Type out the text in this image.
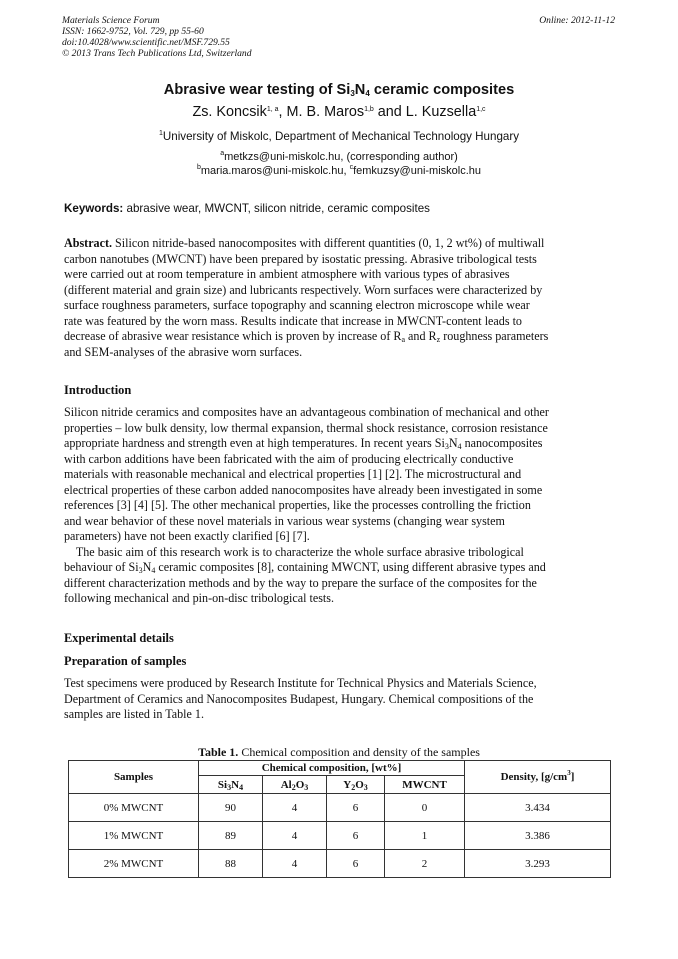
Materials Science Forum
ISSN: 1662-9752, Vol. 729, pp 55-60
doi:10.4028/www.scientific.net/MSF.729.55
© 2013 Trans Tech Publications Ltd, Switzerland
Online: 2012-11-12
Abrasive wear testing of $Si_3N_4$ ceramic composites
Zs. Koncsik$^{1, a}$, M. B. Maros$^{1,b}$ and L. Kuzsella$^{1,c}$
$^1$University of Miskolc, Department of Mechanical Technology Hungary
$^a$metkzs@uni-miskolc.hu, (corresponding author)
$^b$maria.maros@uni-miskolc.hu, $^c$femkuzsy@uni-miskolc.hu
Keywords: abrasive wear, MWCNT, silicon nitride, ceramic composites
Abstract. Silicon nitride-based nanocomposites with different quantities (0, 1, 2 wt%) of multiwall
carbon nanotubes (MWCNT) have been prepared by isostatic pressing. Abrasive tribological tests
were carried out at room temperature in ambient atmosphere with various types of abrasives
(different material and grain size) and lubricants respectively. Worn surfaces were characterized by
surface roughness parameters, surface topography and scanning electron microscope while wear
rate was featured by the worn mass. Results indicate that increase in MWCNT-content leads to
decrease of abrasive wear resistance which is proven by increase of $R_a$ and $R_z$ roughness parameters
and SEM-analyses of the abrasive worn surfaces.
Introduction
Silicon nitride ceramics and composites have an advantageous combination of mechanical and other
properties – low bulk density, low thermal expansion, thermal shock resistance, corrosion resistance
appropriate hardness and strength even at high temperatures. In recent years $Si_3N_4$ nanocomposites
with carbon additions have been fabricated with the aim of producing electrically conductive
materials with reasonable mechanical and electrical properties [1] [2]. The microstructural and
electrical properties of these carbon added nanocomposites have already been investigated in some
references [3] [4] [5]. The other mechanical properties, like the processes controlling the friction
and wear behavior of these novel materials in various wear systems (changing wear system
parameters) have not been exactly clarified [6] [7].
The basic aim of this research work is to characterize the whole surface abrasive tribological
behaviour of $Si_3N_4$ ceramic composites [8], containing MWCNT, using different abrasive types and
different characterization methods and by the way to prepare the surface of the composites for the
following mechanical and pin-on-disc tribological tests.
Experimental details
Preparation of samples
Test specimens were produced by Research Institute for Technical Physics and Materials Science,
Department of Ceramics and Nanocomposites Budapest, Hungary. Chemical compositions of the
samples are listed in Table 1.
Table 1. Chemical composition and density of the samples
Samples	Chemical composition, [wt%]				Density, $[g/cm^3]$
	$Si_3N_4$	$Al_2O_3$	$Y_2O_3$	MWCNT	
0% MWCNT	90	4	6	0	3.434
1% MWCNT	89	4	6	1	3.386
2% MWCNT	88	4	6	2	3.293
